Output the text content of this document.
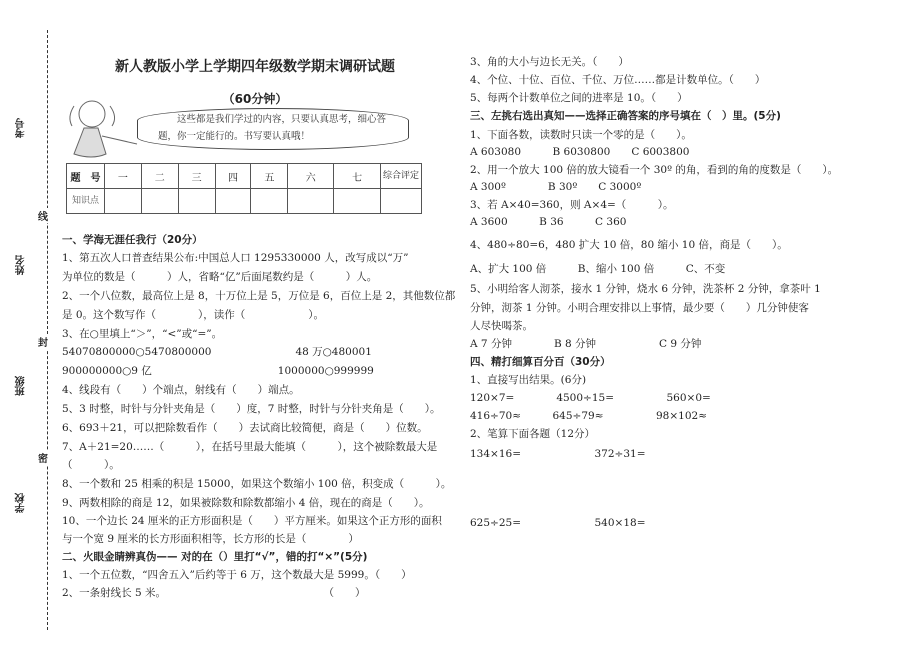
考号
姓名
班级
学校
线
封
密
新人教版小学上学期四年级数学期末调研试题
（60分钟）

这些都是我们学过的内容，只要认真思考，细心答题，你一定能行的。书写要认真哦！

题　号	一	二	三	四	五	六	七	综合评定
知识点								
一、学海无涯任我行（20分）
1、第五次人口普查结果公布:中国总人口 1295330000 人，改写成以“万”
为单位的数是（　　　）人，省略“亿”后面尾数约是（　　　）人。
2、一个八位数，最高位上是 8，十万位上是 5，万位是 6，百位上是 2，其他数位都
是 0。这个数写作（　　　　），读作（　　　　　　）。
3、在○里填上“＞”，“<”或“=”。
54070800000○5470800000　　　　　　　　48 万○480001
900000000○9 亿　　　　　　　　　　　　1000000○999999
4、线段有（　　）个端点，射线有（　　）端点。
5、3 时整，时针与分针夹角是（　　）度，7 时整，时针与分针夹角是（　　）。
6、693＋21，可以把除数看作（　　）去试商比较简便，商是（　　）位数。
7、A＋21=20……（　　　），在括号里最大能填（　　　），这个被除数最大是
（　　　）。
8、一个数和 25 相乘的积是 15000，如果这个数缩小 100 倍，积变成（　　　）。
9、两数相除的商是 12，如果被除数和除数都缩小 4 倍，现在的商是（　　）。
10、一个边长 24 厘米的正方形面积是（　　）平方厘米。如果这个正方形的面积
与一个宽 9 厘米的长方形面积相等，长方形的长是（　　　　）
二、火眼金睛辨真伪—— 对的在（）里打“√”，错的打“×”(5分)
1、一个五位数，“四舍五入”后约等于 6 万，这个数最大是 5999。（　　）
2、一条射线长 5 米。　　　　　　　　　　　　　　　　（　　）
3、角的大小与边长无关。（　　）
4、个位、十位、百位、千位、万位……都是计数单位。（　　）
5、每两个计数单位之间的进率是 10。（　　）
三、左挑右选出真知——选择正确答案的序号填在（　）里。(5分)
1、下面各数，读数时只读一个零的是（　　）。
A 603080　　　B 6030800　　C 6003800
2、用一个放大 100 倍的放大镜看一个 30º 的角，看到的角的度数是（　　）。
A 300º　　　　B 30º　　C 3000º
3、若 A×40=360，则 A×4=（　　　）。
A 3600　　　B 36　　　C 360
4、480÷80=6，480 扩大 10 倍，80 缩小 10 倍，商是（　　）。
A、扩大 100 倍　　　B、缩小 100 倍　　　C、不变
5、小明给客人沏茶，接水 1 分钟，烧水 6 分钟，洗茶杯 2 分钟，拿茶叶 1
分钟，沏茶 1 分钟。小明合理安排以上事情，最少要（　　）几分钟使客
人尽快喝茶。
A 7 分钟　　　　B 8 分钟　　　　　　C 9 分钟
四、精打细算百分百（30分）
1、直接写出结果。(6分)
120×7=　　　　4500÷15=　　　　　560×0=
416÷70≈　　　645÷79≈　　　　　98×102≈
2、笔算下面各题（12分）
134×16=　　　　　　　372÷31=
625÷25=　　　　　　　540×18=
